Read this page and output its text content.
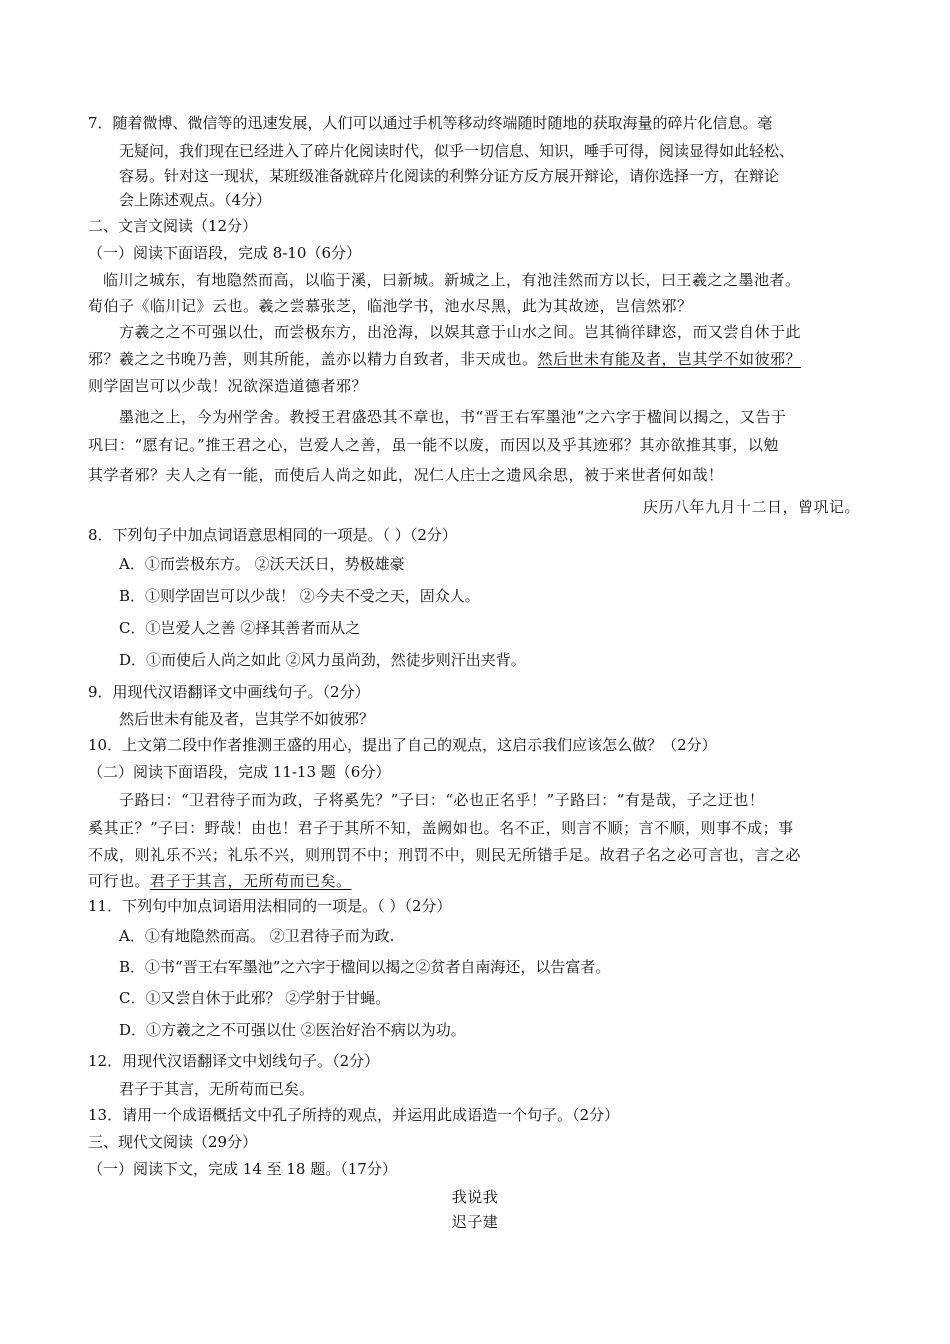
7．随着微博、微信等的迅速发展，人们可以通过手机等移动终端随时随地的获取海量的碎片化信息。毫
无疑问，我们现在已经进入了碎片化阅读时代，似乎一切信息、知识，唾手可得，阅读显得如此轻松、
容易。针对这一现状，某班级准备就碎片化阅读的利弊分证方反方展开辩论，请你选择一方，在辩论
会上陈述观点。（4分）
二、文言文阅读（12分）
（一）阅读下面语段，完成 8-10（6分）
临川之城东，有地隐然而高，以临于溪，曰新城。新城之上，有池洼然而方以长，曰王羲之之墨池者。
荀伯子《临川记》云也。羲之尝慕张芝，临池学书，池水尽黑，此为其故迹，岂信然邪？
方羲之之不可强以仕，而尝极东方，出沧海，以娱其意于山水之间。岂其徜徉肆恣，而又尝自休于此
邪？羲之之书晚乃善，则其所能，盖亦以精力自致者，非天成也。然后世未有能及者，岂其学不如彼邪？
则学固岂可以少哉！况欲深造道德者邪？
墨池之上，今为州学舍。教授王君盛恐其不章也，书“晋王右军墨池”之六字于楹间以揭之，又告于
巩曰：“愿有记。”推王君之心，岂爱人之善，虽一能不以废，而因以及乎其迹邪？其亦欲推其事，以勉
其学者邪？夫人之有一能，而使后人尚之如此，况仁人庄士之遗风余思，被于来世者何如哉！
庆历八年九月十二日，曾巩记。
8．下列句子中加点词语意思相同的一项是。（ ）（2分）
A．①而尝极东方。 ②沃天沃日，势极雄豪
B．①则学固岂可以少哉！ ②今夫不受之天，固众人。
C．①岂爱人之善 ②择其善者而从之
D．①而使后人尚之如此 ②风力虽尚劲，然徒步则汗出夹背。
9．用现代汉语翻译文中画线句子。（2分）
然后世未有能及者，岂其学不如彼邪？
10．上文第二段中作者推测王盛的用心，提出了自己的观点，这启示我们应该怎么做？（2分）
（二）阅读下面语段，完成 11-13 题（6分）
子路曰：“卫君待子而为政，子将奚先？”子曰：“必也正名乎！”子路曰：“有是哉，子之迂也！
奚其正？”子曰：野哉！由也！君子于其所不知，盖阙如也。名不正，则言不顺；言不顺，则事不成；事
不成，则礼乐不兴；礼乐不兴，则刑罚不中；刑罚不中，则民无所错手足。故君子名之必可言也，言之必
可行也。君子于其言，无所苟而已矣。
11．下列句中加点词语用法相同的一项是。（ ）（2分）
A．①有地隐然而高。 ②卫君待子而为政.
B．①书“晋王右军墨池”之六字于楹间以揭之②贫者自南海还，以告富者。
C．①又尝自休于此邪？ ②学射于甘蝇。
D．①方羲之之不可强以仕 ②医治好治不病以为功。
12．用现代汉语翻译文中划线句子。（2分）
君子于其言，无所苟而已矣。
13．请用一个成语概括文中孔子所持的观点，并运用此成语造一个句子。（2分）
三、现代文阅读（29分）
（一）阅读下文，完成 14 至 18 题。（17分）
我说我
迟子建
